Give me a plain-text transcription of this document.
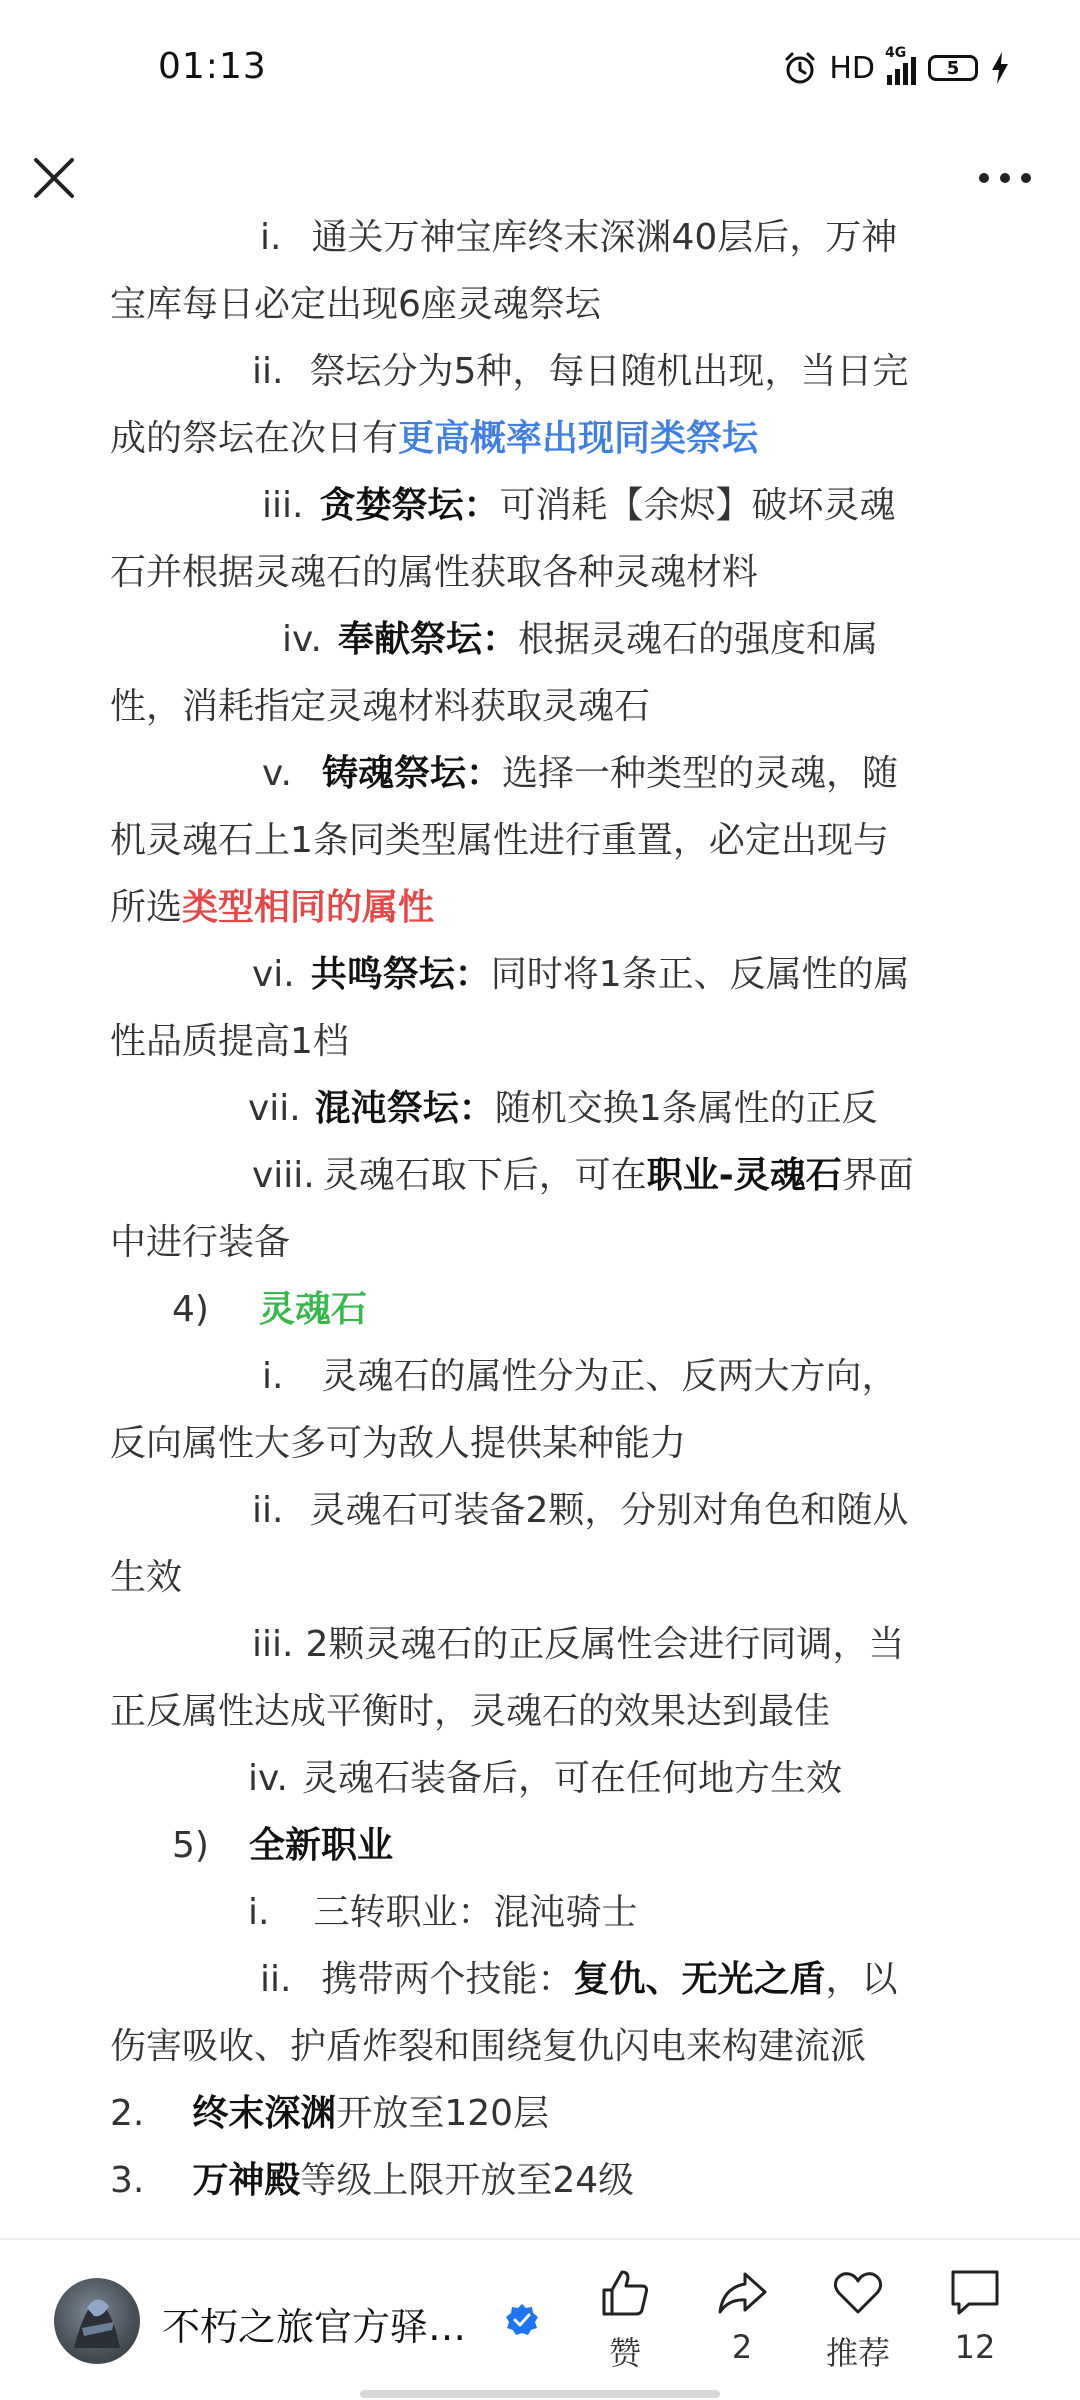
01:13	HD 4G
5
i. 通关万神宝库终末深渊40层后，万神
宝库每日必定出现6座灵魂祭坛
ii. 祭坛分为5种，每日随机出现，当日完
成的祭坛在次日有更高概率出现同类祭坛
iii. 贪婪祭坛：可消耗【余烬】破坏灵魂
石并根据灵魂石的属性获取各种灵魂材料
iv. 奉献祭坛：根据灵魂石的强度和属
性，消耗指定灵魂材料获取灵魂石
v. 铸魂祭坛：选择一种类型的灵魂，随
机灵魂石上1条同类型属性进行重置，必定出现与
所选类型相同的属性
vi. 共鸣祭坛：同时将1条正、反属性的属
性品质提高1档
vii. 混沌祭坛：随机交换1条属性的正反
viii. 灵魂石取下后，可在职业-灵魂石界面
中进行装备
4) 灵魂石
i. 灵魂石的属性分为正、反两大方向，
反向属性大多可为敌人提供某种能力
ii. 灵魂石可装备2颗，分别对角色和随从
生效
iii. 2颗灵魂石的正反属性会进行同调，当
正反属性达成平衡时，灵魂石的效果达到最佳
iv. 灵魂石装备后，可在任何地方生效
5) 全新职业
i. 三转职业：混沌骑士
ii. 携带两个技能：复仇、无光之盾，以
伤害吸收、护盾炸裂和围绕复仇闪电来构建流派
2. 终末深渊开放至120层
3. 万神殿等级上限开放至24级
不朽之旅官方驿…
赞	2	推荐	12
